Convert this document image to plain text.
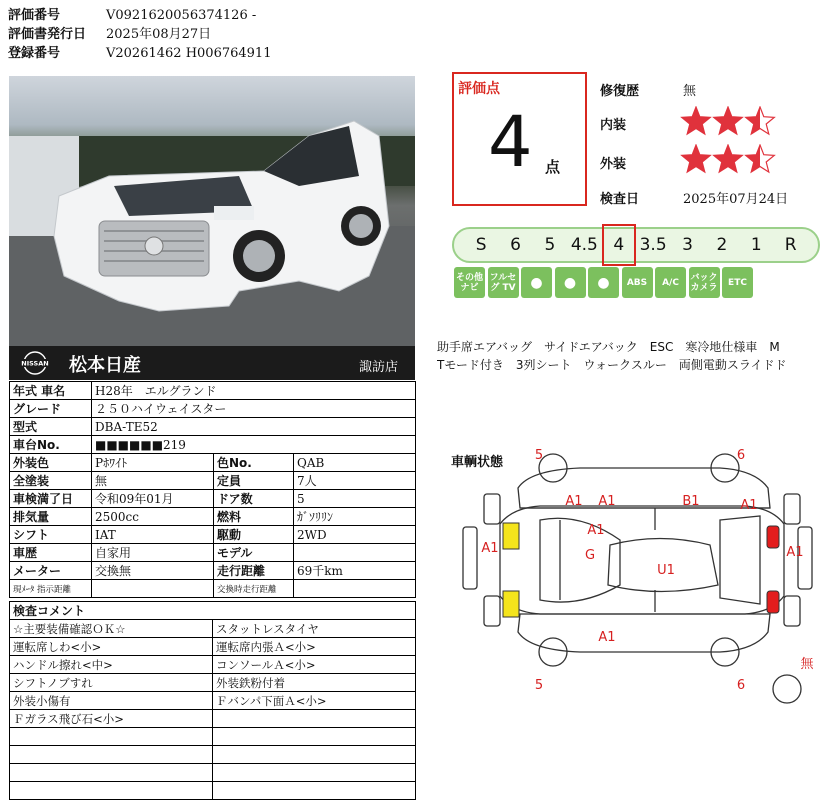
評価番号	V0921620056374126 -
評価書発行日 2025年08月27日
登録番号	V20261462 H006764911
NISSAN 松本日産	諏訪店
年式 車名	H28年　エルグランド		
グレード	２５０ハイウェイスター		
型式	DBA-TE52		
車台No.	■■■■■■219		
外装色	Pﾎﾜｲﾄ	色No.	QAB
全塗装	無	定員	7人
車検満了日	令和09年01月	ドア数	5
排気量	2500cc	燃料	ｶﾞｿﾘﾘﾝ
シフト	IAT	駆動	2WD
車歴	自家用	モデル	
メーター	交換無	走行距離	69千km
現ﾒｰﾀ 指示距離		交換時走行距離	
検査コメント	
☆主要装備確認ＯＫ☆	スタットレスタイヤ
運転席しわ<小>	運転席内張Ａ<小>
ハンドル擦れ<中>	コンソールＡ<小>
シフトノブすれ	外装鉄粉付着
外装小傷有	Ｆバンパ下面Ａ<小>
Ｆガラス飛び石<小>	

評価点
4 点
修復歴	無
内装
外装
検査日	2025年07月24日
S	6	5 4.5 4 3.5 3	2	1	R
その他 ナビ
フルセグ TV	●	●	●	ABS	A/C	バック カメラ	ETC
助手席エアバッグ　サイドエアバック　ESC　寒冷地仕様車　M
Tモード付き　3列シート　ウォークスルー　両側電動スライドド
車輌状態 5	6
A1 A1	B1	A1
A1
A1	A1
G
U1
A1
5	6
無
